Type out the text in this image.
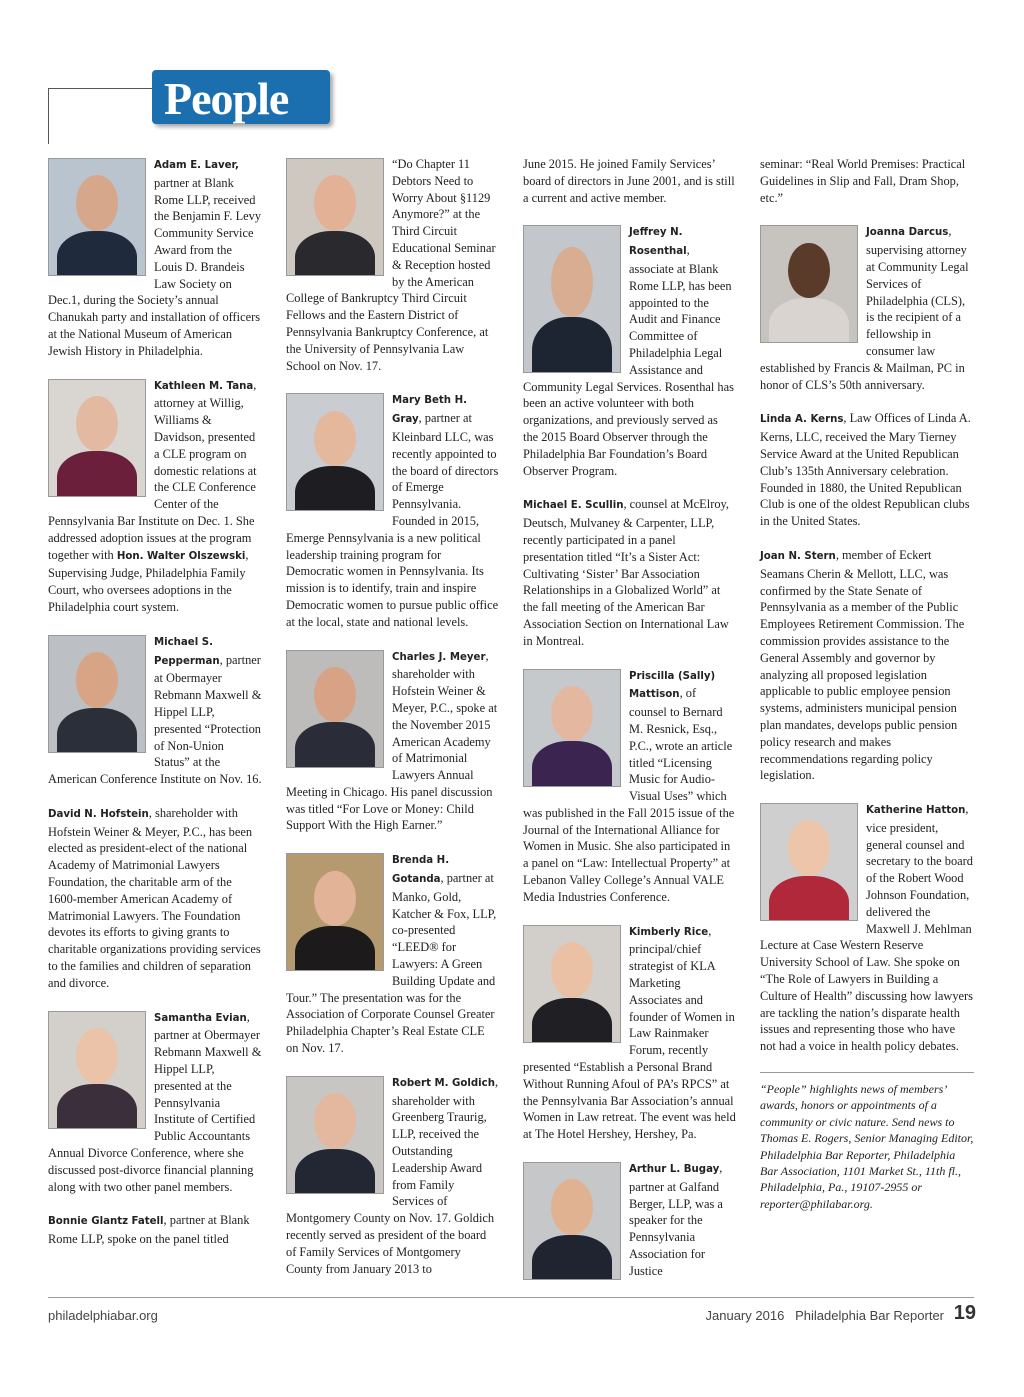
People
Adam E. Laver, partner at Blank Rome LLP, received the Benjamin F. Levy Community Service Award from the Louis D. Brandeis Law Society on Dec.1, during the Society’s annual Chanukah party and installation of officers at the National Museum of American Jewish History in Philadelphia.
Kathleen M. Tana, attorney at Willig, Williams & Davidson, presented a CLE program on domestic relations at the CLE Conference Center of the Pennsylvania Bar Institute on Dec. 1. She addressed adoption issues at the program together with Hon. Walter Olszewski, Supervising Judge, Philadelphia Family Court, who oversees adoptions in the Philadelphia court system.
Michael S. Pepperman, partner at Obermayer Rebmann Maxwell & Hippel LLP, presented “Protection of Non-Union Status” at the American Conference Institute on Nov. 16.
David N. Hofstein, shareholder with Hofstein Weiner & Meyer, P.C., has been elected as president-elect of the national Academy of Matrimonial Lawyers Foundation, the charitable arm of the 1600-member American Academy of Matrimonial Lawyers. The Foundation devotes its efforts to giving grants to charitable organizations providing services to the families and children of separation and divorce.
Samantha Evian, partner at Obermayer Rebmann Maxwell & Hippel LLP, presented at the Pennsylvania Institute of Certified Public Accountants Annual Divorce Conference, where she discussed post-divorce financial planning along with two other panel members.
Bonnie Glantz Fatell, partner at Blank Rome LLP, spoke on the panel titled
“Do Chapter 11 Debtors Need to Worry About §1129 Anymore?” at the Third Circuit Educational Seminar & Reception hosted by the American College of Bankruptcy Third Circuit Fellows and the Eastern District of Pennsylvania Bankruptcy Conference, at the University of Pennsylvania Law School on Nov. 17.
Mary Beth H. Gray, partner at Kleinbard LLC, was recently appointed to the board of directors of Emerge Pennsylvania. Founded in 2015, Emerge Pennsylvania is a new political leadership training program for Democratic women in Pennsylvania. Its mission is to identify, train and inspire Democratic women to pursue public office at the local, state and national levels.
Charles J. Meyer, shareholder with Hofstein Weiner & Meyer, P.C., spoke at the November 2015 American Academy of Matrimonial Lawyers Annual Meeting in Chicago. His panel discussion was titled “For Love or Money: Child Support With the High Earner.”
Brenda H. Gotanda, partner at Manko, Gold, Katcher & Fox, LLP, co-presented “LEED® for Lawyers: A Green Building Update and Tour.” The presentation was for the Association of Corporate Counsel Greater Philadelphia Chapter’s Real Estate CLE on Nov. 17.
Robert M. Goldich, shareholder with Greenberg Traurig, LLP, received the Outstanding Leadership Award from Family Services of Montgomery County on Nov. 17. Goldich recently served as president of the board of Family Services of Montgomery County from January 2013 to
June 2015. He joined Family Services’ board of directors in June 2001, and is still a current and active member.
Jeffrey N. Rosenthal, associate at Blank Rome LLP, has been appointed to the Audit and Finance Committee of Philadelphia Legal Assistance and Community Legal Services. Rosenthal has been an active volunteer with both organizations, and previously served as the 2015 Board Observer through the Philadelphia Bar Foundation’s Board Observer Program.
Michael E. Scullin, counsel at McElroy, Deutsch, Mulvaney & Carpenter, LLP, recently participated in a panel presentation titled “It’s a Sister Act: Cultivating ‘Sister’ Bar Association Relationships in a Globalized World” at the fall meeting of the American Bar Association Section on International Law in Montreal.
Priscilla (Sally) Mattison, of counsel to Bernard M. Resnick, Esq., P.C., wrote an article titled “Licensing Music for Audio-Visual Uses” which was published in the Fall 2015 issue of the Journal of the International Alliance for Women in Music. She also participated in a panel on “Law: Intellectual Property” at Lebanon Valley College’s Annual VALE Media Industries Conference.
Kimberly Rice, principal/chief strategist of KLA Marketing Associates and founder of Women in Law Rainmaker Forum, recently presented “Establish a Personal Brand Without Running Afoul of PA’s RPCS” at the Pennsylvania Bar Association’s annual Women in Law retreat. The event was held at The Hotel Hershey, Hershey, Pa.
Arthur L. Bugay, partner at Galfand Berger, LLP, was a speaker for the Pennsylvania Association for Justice
seminar: “Real World Premises: Practical Guidelines in Slip and Fall, Dram Shop, etc.”
Joanna Darcus, supervising attorney at Community Legal Services of Philadelphia (CLS), is the recipient of a fellowship in consumer law established by Francis & Mailman, PC in honor of CLS’s 50th anniversary.
Linda A. Kerns, Law Offices of Linda A. Kerns, LLC, received the Mary Tierney Service Award at the United Republican Club’s 135th Anniversary celebration. Founded in 1880, the United Republican Club is one of the oldest Republican clubs in the United States.
Joan N. Stern, member of Eckert Seamans Cherin & Mellott, LLC, was confirmed by the State Senate of Pennsylvania as a member of the Public Employees Retirement Commission. The commission provides assistance to the General Assembly and governor by analyzing all proposed legislation applicable to public employee pension systems, administers municipal pension plan mandates, develops public pension policy research and makes recommendations regarding policy legislation.
Katherine Hatton, vice president, general counsel and secretary to the board of the Robert Wood Johnson Foundation, delivered the Maxwell J. Mehlman Lecture at Case Western Reserve University School of Law. She spoke on “The Role of Lawyers in Building a Culture of Health” discussing how lawyers are tackling the nation’s disparate health issues and representing those who have not had a voice in health policy debates.
“People” highlights news of members’ awards, honors or appointments of a community or civic nature. Send news to Thomas E. Rogers, Senior Managing Editor, Philadelphia Bar Reporter, Philadelphia Bar Association, 1101 Market St., 11th fl., Philadelphia, Pa., 19107-2955 or reporter@philabar.org.
philadelphiabar.org	January 2016   Philadelphia Bar Reporter 19
